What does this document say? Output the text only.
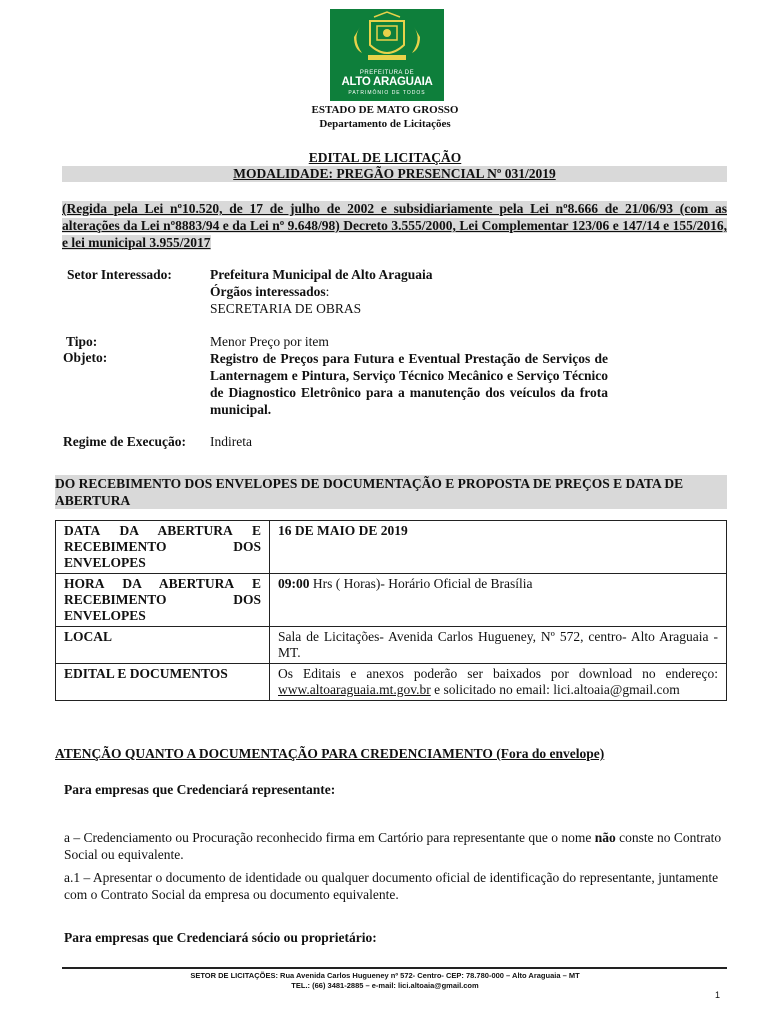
PREFEITURA DE
ALTO ARAGUAIA
PATRIMÔNIO DE TODOS
ESTADO DE MATO GROSSO
Departamento de Licitações
EDITAL DE LICITAÇÃO
MODALIDADE: PREGÃO PRESENCIAL Nº 031/2019
(Regida pela Lei nº10.520, de 17 de julho de 2002 e subsidiariamente pela Lei nº8.666 de 21/06/93 (com as alterações da Lei nº8883/94 e da Lei nº 9.648/98) Decreto 3.555/2000, Lei Complementar 123/06 e 147/14 e 155/2016, e lei municipal 3.955/2017
Setor Interessado:	Prefeitura Municipal de Alto Araguaia
Órgãos interessados:
SECRETARIA DE OBRAS
Tipo:	Menor Preço por item
Objeto:	Registro de Preços para Futura e Eventual Prestação de Serviços de Lanternagem e Pintura, Serviço Técnico Mecânico e Serviço Técnico de Diagnostico Eletrônico para a manutenção dos veículos da frota municipal.
Regime de Execução: Indireta
DO RECEBIMENTO DOS ENVELOPES DE DOCUMENTAÇÃO E PROPOSTA DE PREÇOS E DATA DE ABERTURA
DATA DA ABERTURA E RECEBIMENTO DOS ENVELOPES	16 DE MAIO DE 2019
HORA DA ABERTURA E RECEBIMENTO DOS ENVELOPES	09:00 Hrs ( Horas)- Horário Oficial de Brasília
LOCAL	Sala de Licitações- Avenida Carlos Hugueney, Nº 572, centro- Alto Araguaia - MT.
EDITAL E DOCUMENTOS	Os Editais e anexos poderão ser baixados por download no endereço: www.altoaraguaia.mt.gov.br e solicitado no email: lici.altoaia@gmail.com
ATENÇÃO QUANTO A DOCUMENTAÇÃO PARA CREDENCIAMENTO (Fora do envelope)
Para empresas que Credenciará representante:
a – Credenciamento ou Procuração reconhecido firma em Cartório para representante que o nome não conste no Contrato Social ou equivalente.
a.1 – Apresentar o documento de identidade ou qualquer documento oficial de identificação do representante, juntamente com o Contrato Social da empresa ou documento equivalente.
Para empresas que Credenciará sócio ou proprietário:
SETOR DE LICITAÇÕES: Rua Avenida Carlos Hugueney nº 572- Centro- CEP: 78.780-000 – Alto Araguaia – MT
TEL.: (66) 3481-2885 – e-mail: lici.altoaia@gmail.com
1
